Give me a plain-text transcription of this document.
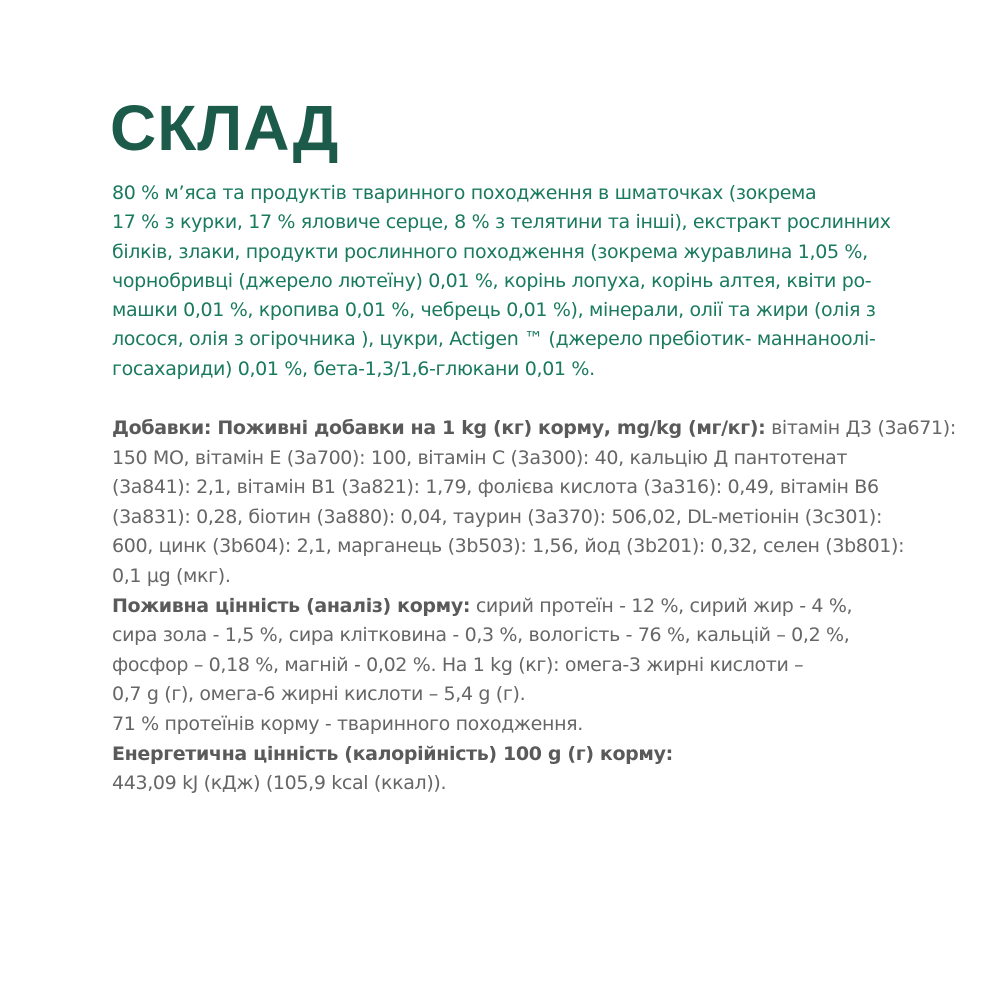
СКЛАД
80 % м’яса та продуктів тваринного походження в шматочках (зокрема
17 % з курки, 17 % яловиче серце, 8 % з телятини та інші), екстракт рослинних
білків, злаки, продукти рослинного походження (зокрема журавлина 1,05 %,
чорнобривці (джерело лютеїну) 0,01 %, корінь лопуха, корінь алтея, квіти ро-
машки 0,01 %, кропива 0,01 %, чебрець 0,01 %), мінерали, олії та жири (олія з
лосося, олія з огірочника ), цукри, Actigen ™ (джерело пребіотик- маннаноолі-
госахариди) 0,01 %, бета-1,3/1,6-глюкани 0,01 %.
Добавки: Поживні добавки на 1 kg (кг) корму, mg/kg (мг/кг): вітамін Д3 (3а671):
150 МО, вітамін Е (3а700): 100, вітамін С (3а300): 40, кальцію Д пантотенат
(3а841): 2,1, вітамін В1 (3а821): 1,79, фолієва кислота (3а316): 0,49, вітамін В6
(3а831): 0,28, біотин (3а880): 0,04, таурин (3а370): 506,02, DL-метіонін (3с301):
600, цинк (3b604): 2,1, марганець (3b503): 1,56, йод (3b201): 0,32, селен (3b801):
0,1 µg (мкг).
Поживна цінність (аналіз) корму: сирий протеїн - 12 %, сирий жир - 4 %,
сира зола - 1,5 %, сира клітковина - 0,3 %, вологість - 76 %, кальцій – 0,2 %,
фосфор – 0,18 %, магній - 0,02 %. На 1 kg (кг): омега-3 жирні кислоти –
0,7 g (г), омега-6 жирні кислоти – 5,4 g (г).
71 % протеїнів корму - тваринного походження.
Енергетична цінність (калорійність) 100 g (г) корму:
443,09 kJ (кДж) (105,9 kcal (ккал)).
